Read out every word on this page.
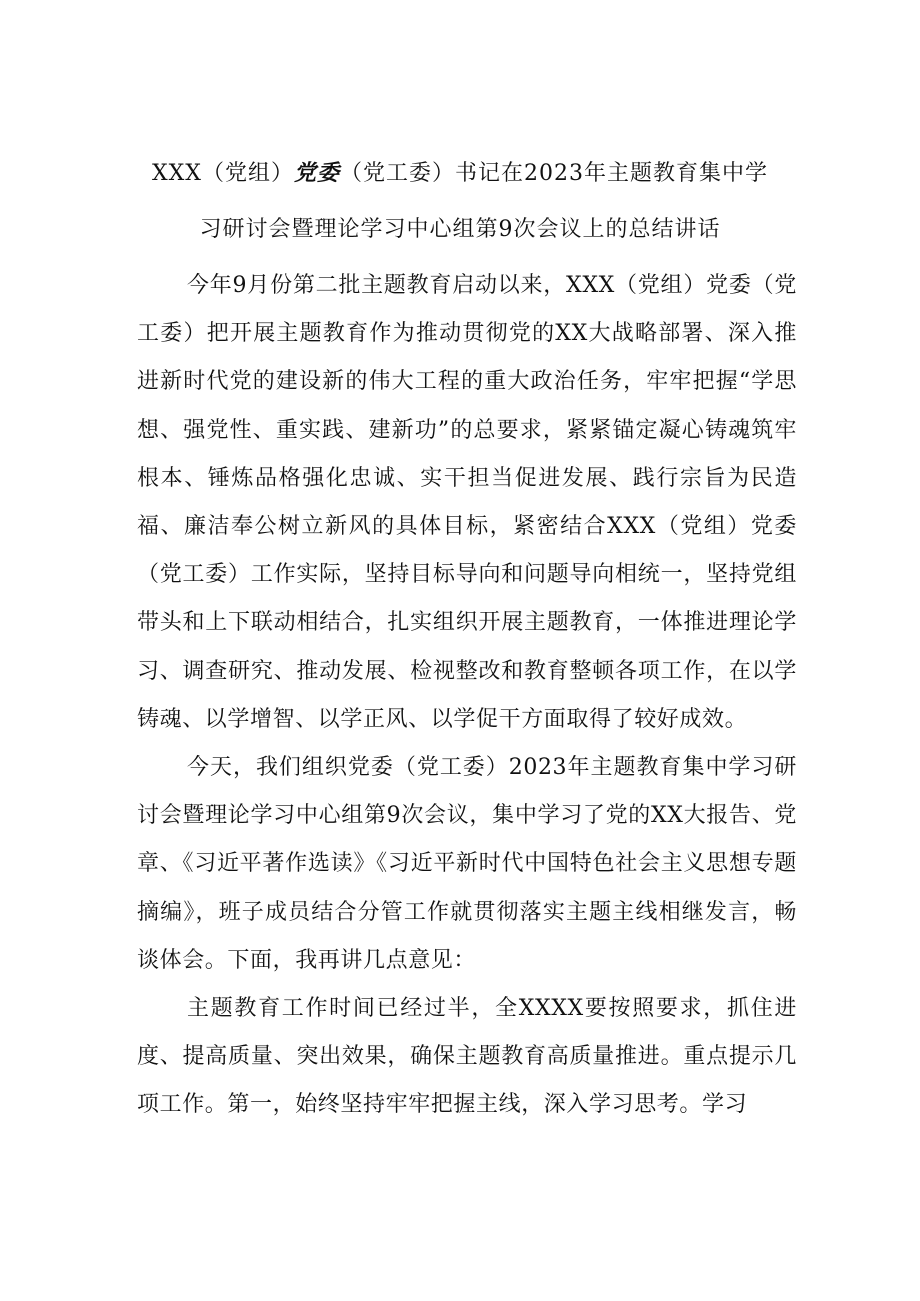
XXX（党组）党委（党工委）书记在2023年主题教育集中学
习研讨会暨理论学习中心组第9次会议上的总结讲话

今年9月份第二批主题教育启动以来，XXX（党组）党委（党工委）把开展主题教育作为推动贯彻党的XX大战略部署、深入推进新时代党的建设新的伟大工程的重大政治任务，牢牢把握“学思想、强党性、重实践、建新功”的总要求，紧紧锚定凝心铸魂筑牢根本、锤炼品格强化忠诚、实干担当促进发展、践行宗旨为民造福、廉洁奉公树立新风的具体目标，紧密结合XXX（党组）党委（党工委）工作实际，坚持目标导向和问题导向相统一，坚持党组带头和上下联动相结合，扎实组织开展主题教育，一体推进理论学习、调查研究、推动发展、检视整改和教育整顿各项工作，在以学铸魂、以学增智、以学正风、以学促干方面取得了较好成效。

今天，我们组织党委（党工委）2023年主题教育集中学习研讨会暨理论学习中心组第9次会议，集中学习了党的XX大报告、党章、《习近平著作选读》《习近平新时代中国特色社会主义思想专题摘编》，班子成员结合分管工作就贯彻落实主题主线相继发言，畅谈体会。下面，我再讲几点意见：

主题教育工作时间已经过半，全XXXX要按照要求，抓住进度、提高质量、突出效果，确保主题教育高质量推进。重点提示几项工作。第一，始终坚持牢牢把握主线，深入学习思考。学习
